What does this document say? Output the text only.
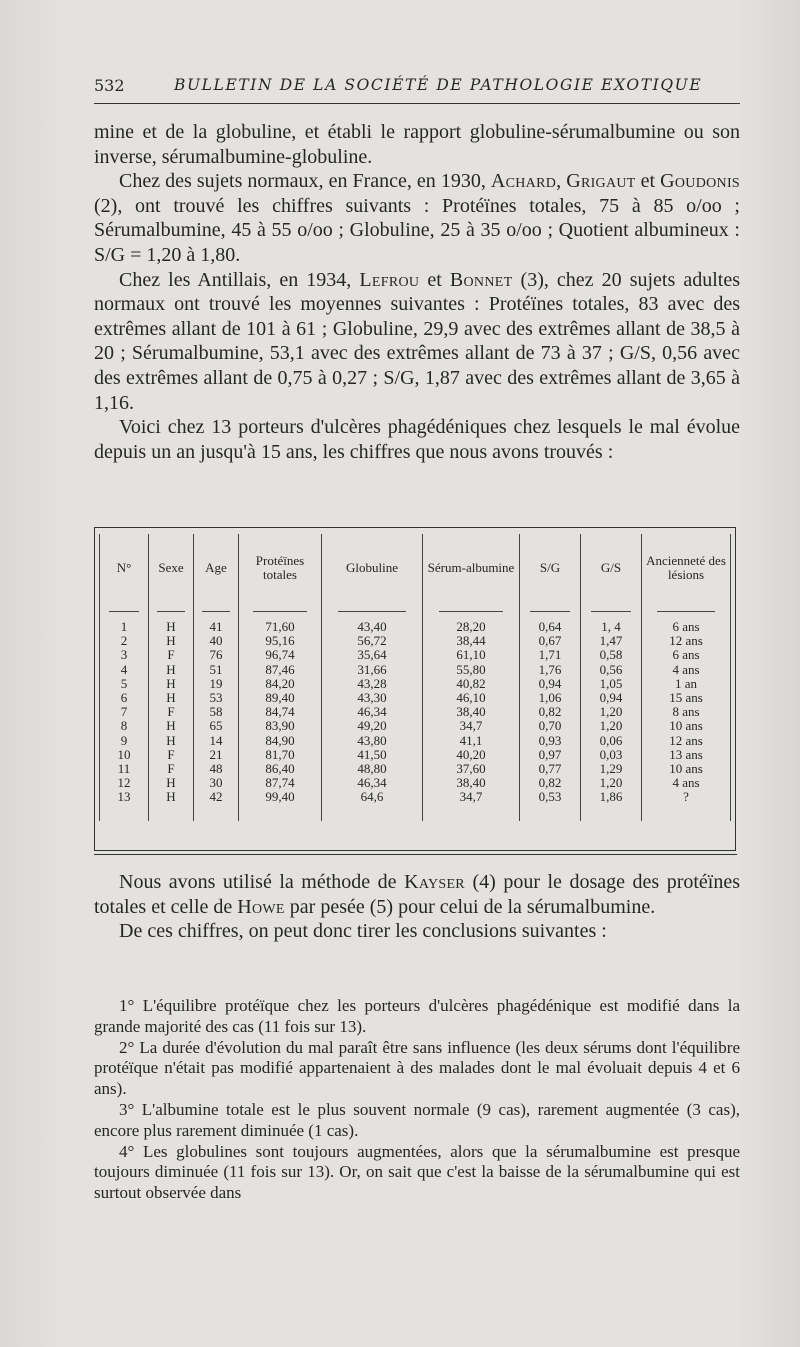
532	BULLETIN DE LA SOCIÉTÉ DE PATHOLOGIE EXOTIQUE

mine et de la globuline, et établi le rapport globuline-sérumalbumine ou son inverse, sérumalbumine-globuline.

Chez des sujets normaux, en France, en 1930, Achard, Grigaut et Goudonis (2), ont trouvé les chiffres suivants : Protéïnes totales, 75 à 85 o/oo ; Sérumalbumine, 45 à 55 o/oo ; Globuline, 25 à 35 o/oo ; Quotient albumineux : S/G = 1,20 à 1,80.

Chez les Antillais, en 1934, Lefrou et Bonnet (3), chez 20 sujets adultes normaux ont trouvé les moyennes suivantes : Protéïnes totales, 83 avec des extrêmes allant de 101 à 61 ; Globuline, 29,9 avec des extrêmes allant de 38,5 à 20 ; Sérumalbumine, 53,1 avec des extrêmes allant de 73 à 37 ; G/S, 0,56 avec des extrêmes allant de 0,75 à 0,27 ; S/G, 1,87 avec des extrêmes allant de 3,65 à 1,16.

Voici chez 13 porteurs d'ulcères phagédéniques chez lesquels le mal évolue depuis un an jusqu'à 15 ans, les chiffres que nous avons trouvés :

N°	Sexe	Age	Protéïnes totales	Globuline	Sérum-albumine	S/G	G/S	Ancienneté des lésions

1	H	41	71,60	43,40	28,20	0,64	1, 4	6 ans
2	H	40	95,16	56,72	38,44	0,67	1,47	12 ans
3	F	76	96,74	35,64	61,10	1,71	0,58	6 ans
4	H	51	87,46	31,66	55,80	1,76	0,56	4 ans
5	H	19	84,20	43,28	40,82	0,94	1,05	1 an
6	H	53	89,40	43,30	46,10	1,06	0,94	15 ans
7	F	58	84,74	46,34	38,40	0,82	1,20	8 ans
8	H	65	83,90	49,20	34,7	0,70	1,20	10 ans
9	H	14	84,90	43,80	41,1	0,93	0,06	12 ans
10	F	21	81,70	41,50	40,20	0,97	0,03	13 ans
11	F	48	86,40	48,80	37,60	0,77	1,29	10 ans
12	H	30	87,74	46,34	38,40	0,82	1,20	4 ans
13	H	42	99,40	64,6	34,7	0,53	1,86	?

Nous avons utilisé la méthode de Kayser (4) pour le dosage des protéïnes totales et celle de Howe par pesée (5) pour celui de la sérumalbumine.

De ces chiffres, on peut donc tirer les conclusions suivantes :

1° L'équilibre protéïque chez les porteurs d'ulcères phagédénique est modifié dans la grande majorité des cas (11 fois sur 13).

2° La durée d'évolution du mal paraît être sans influence (les deux sérums dont l'équilibre protéïque n'était pas modifié appartenaient à des malades dont le mal évoluait depuis 4 et 6 ans).

3° L'albumine totale est le plus souvent normale (9 cas), rarement augmentée (3 cas), encore plus rarement diminuée (1 cas).

4° Les globulines sont toujours augmentées, alors que la sérumalbumine est presque toujours diminuée (11 fois sur 13). Or, on sait que c'est la baisse de la sérumalbumine qui est surtout observée dans
